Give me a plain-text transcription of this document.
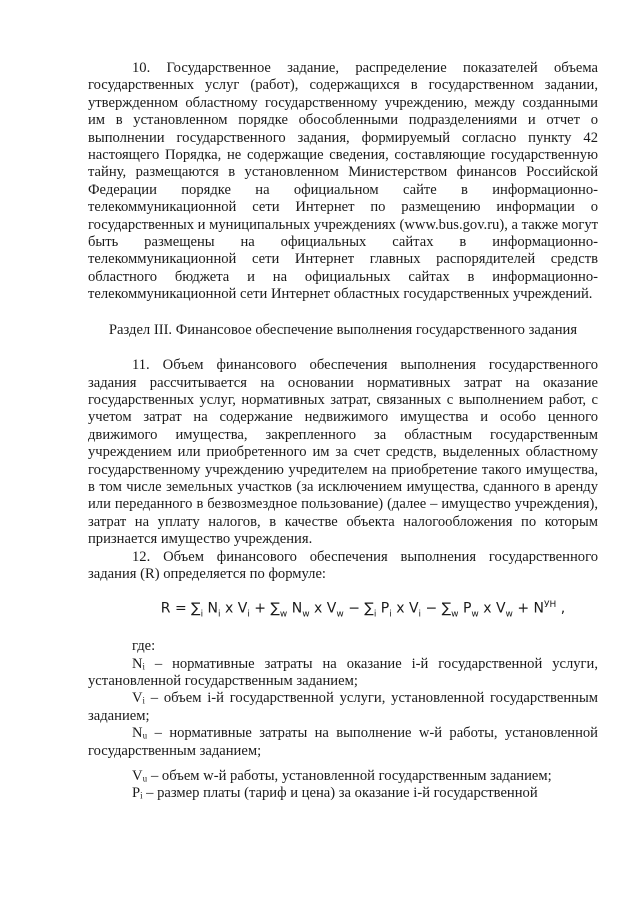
10. Государственное задание, распределение показателей объема государственных услуг (работ), содержащихся в государственном задании, утвержденном областному государственному учреждению, между созданными им в установленном порядке обособленными подразделениями и отчет о выполнении государственного задания, формируемый согласно пункту 42 настоящего Порядка, не содержащие сведения, составляющие государственную тайну, размещаются в установленном Министерством финансов Российской Федерации порядке на официальном сайте в информационно-телекоммуникационной сети Интернет по размещению информации о государственных и муниципальных учреждениях (www.bus.gov.ru), а также могут быть размещены на официальных сайтах в информационно-телекоммуникационной сети Интернет главных распорядителей средств областного бюджета и на официальных сайтах в информационно-телекоммуникационной сети Интернет областных государственных учреждений.

Раздел III. Финансовое обеспечение выполнения государственного задания

11. Объем финансового обеспечения выполнения государственного задания рассчитывается на основании нормативных затрат на оказание государственных услуг, нормативных затрат, связанных с выполнением работ, с учетом затрат на содержание недвижимого имущества и особо ценного движимого имущества, закрепленного за областным государственным учреждением или приобретенного им за счет средств, выделенных областному государственному учреждению учредителем на приобретение такого имущества, в том числе земельных участков (за исключением имущества, сданного в аренду или переданного в безвозмездное пользование) (далее – имущество учреждения), затрат на уплату налогов, в качестве объекта налогообложения по которым признается имущество учреждения.

12. Объем финансового обеспечения выполнения государственного задания (R) определяется по формуле:

$R = \sum_i$ $N_i$ x $V_i + \sum_w$ $N_w$ x $V_w - \sum_i$ $P_i$ x $V_i - \sum_w$ $P_w$ x $V_w + N^{УН}$ ,

где:

Nᵢ – нормативные затраты на оказание i-й государственной услуги, установленной государственным заданием;

Vᵢ – объем i-й государственной услуги, установленной государственным заданием;

Nᵤ – нормативные затраты на выполнение w-й работы, установленной государственным заданием;

Vᵤ – объем w-й работы, установленной государственным заданием;

Pᵢ – размер платы (тариф и цена) за оказание i-й государственной
